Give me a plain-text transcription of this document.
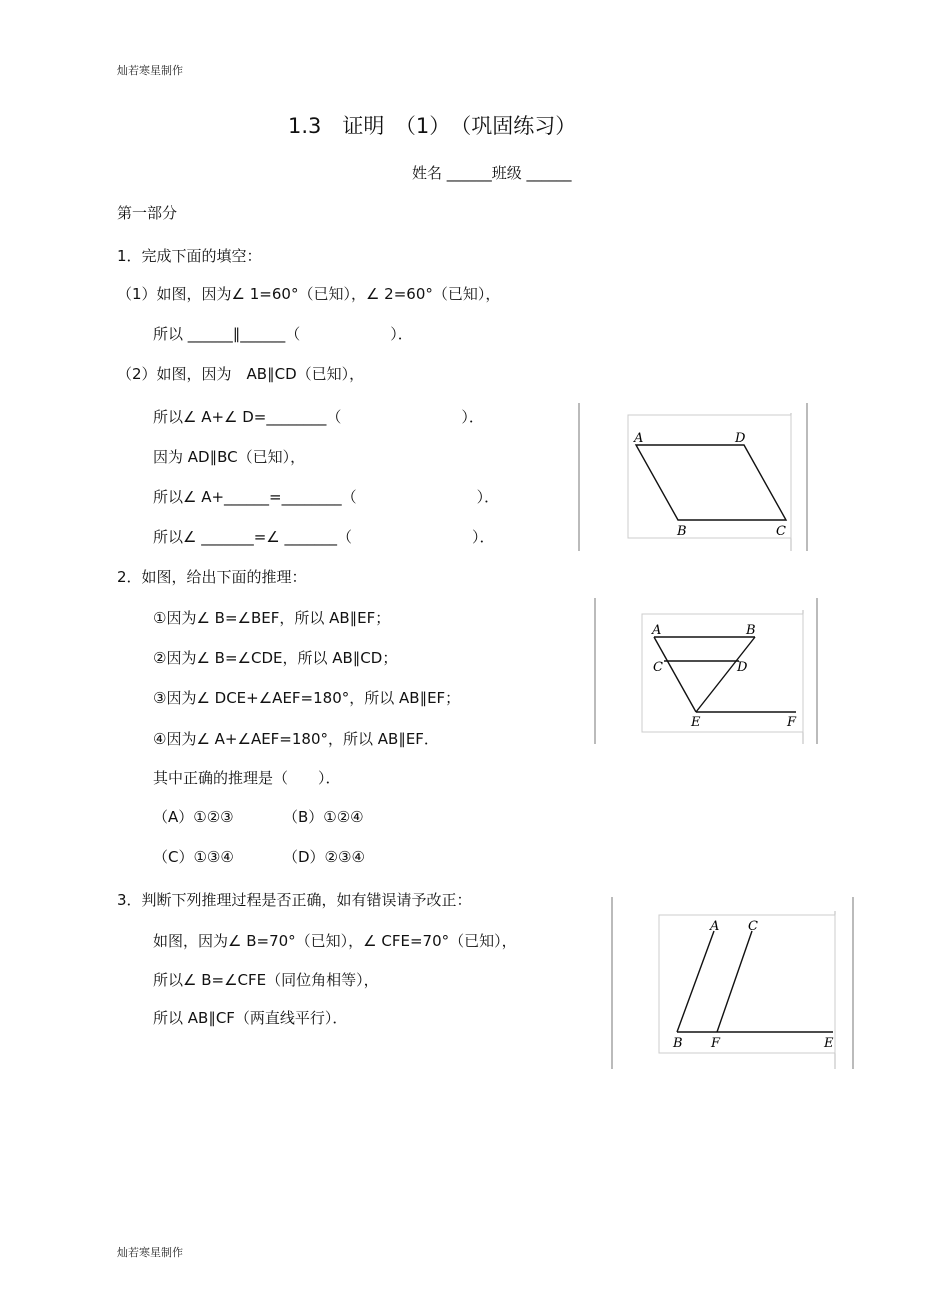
灿若寒星制作
灿若寒星制作
1.3　证明　（1）　（巩固练习）
姓名 ______班级 ______
第一部分
1．完成下面的填空：
（1）如图，因为∠ 1=60°（已知），∠ 2=60°（已知），
所以 ______∥______（　　　　　　）．
（2）如图，因为　AB∥CD（已知），
所以∠ A+∠ D=________（　　　　　　　　）．
因为 AD∥BC（已知），
所以∠ A+______=________（　　　　　　　　）．
所以∠ _______=∠ _______（　　　　　　　　）．
A	D
B	C
2．如图，给出下面的推理：
①因为∠ B=∠BEF，所以 AB∥EF；
②因为∠ B=∠CDE，所以 AB∥CD；
③因为∠ DCE+∠AEF=180°，所以 AB∥EF；
④因为∠ A+∠AEF=180°，所以 AB∥EF．
其中正确的推理是（　　）．
（A）①②③	（B）①②④
（C）①③④	（D）②③④
A	B
C	D
E	F
3．判断下列推理过程是否正确，如有错误请予改正：
如图，因为∠ B=70°（已知），∠ CFE=70°（已知），
所以∠ B=∠CFE（同位角相等），
所以 AB∥CF（两直线平行）．
A C
B F	E
